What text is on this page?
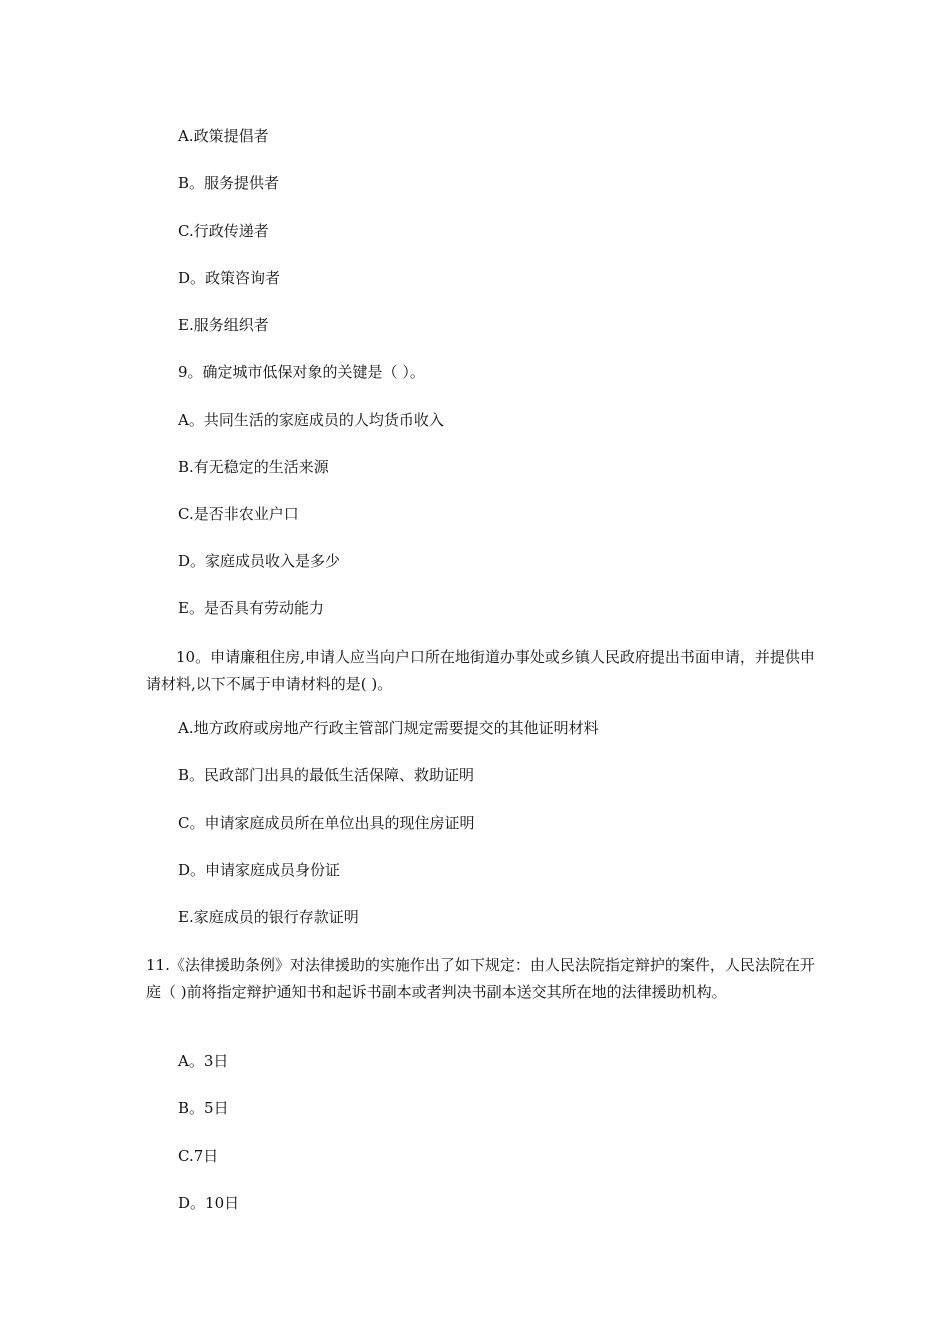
A.政策提倡者
B。服务提供者
C.行政传递者
D。政策咨询者
E.服务组织者
9。确定城市低保对象的关键是（ ）。
A。共同生活的家庭成员的人均货币收入
B.有无稳定的生活来源
C.是否非农业户口
D。家庭成员收入是多少
E。是否具有劳动能力
10。申请廉租住房,申请人应当向户口所在地街道办事处或乡镇人民政府提出书面申请，并提供申请材料,以下不属于申请材料的是( )。
A.地方政府或房地产行政主管部门规定需要提交的其他证明材料
B。民政部门出具的最低生活保障、救助证明
C。申请家庭成员所在单位出具的现住房证明
D。申请家庭成员身份证
E.家庭成员的银行存款证明
11.《法律援助条例》对法律援助的实施作出了如下规定：由人民法院指定辩护的案件，人民法院在开庭（ )前将指定辩护通知书和起诉书副本或者判决书副本送交其所在地的法律援助机构。
A。3日
B。5日
C.7日
D。10日
